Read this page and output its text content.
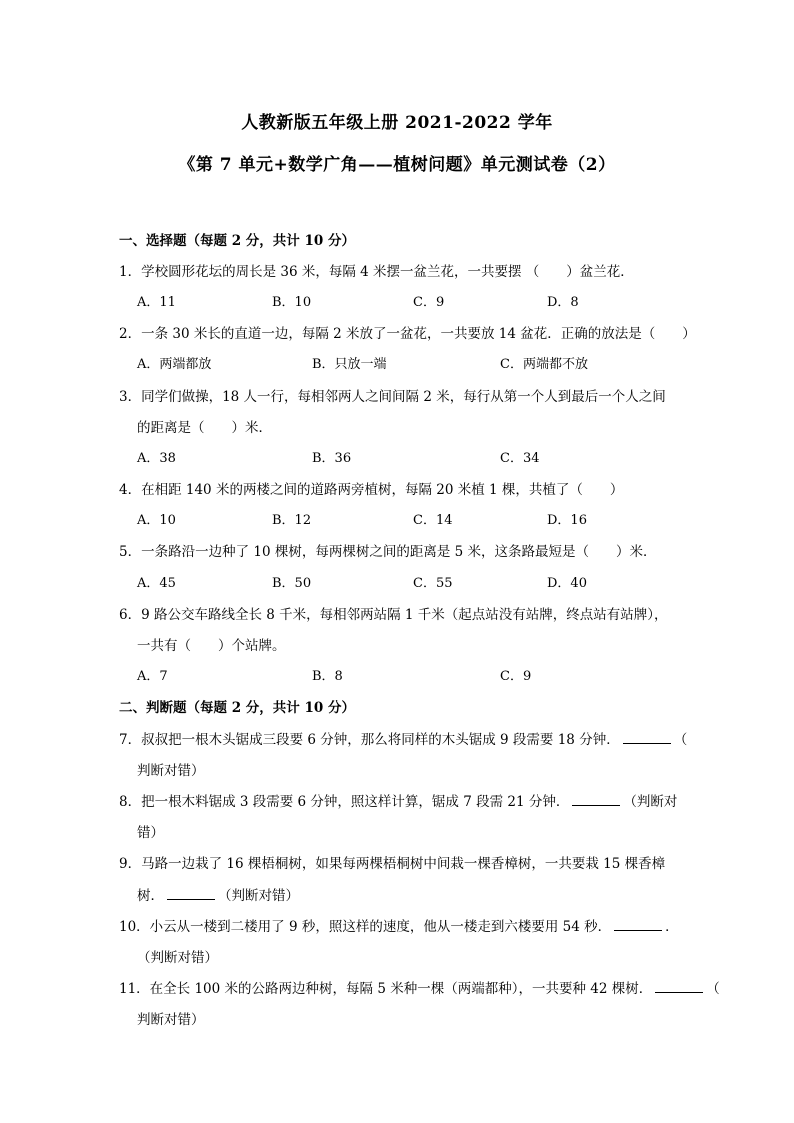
人教新版五年级上册 2021-2022 学年
《第 7 单元+数学广角——植树问题》单元测试卷（2）
一、选择题（每题 2 分，共计 10 分）
1．学校圆形花坛的周长是 36 米，每隔 4 米摆一盆兰花，一共要摆 （　　）盆兰花．
A．11	B．10	C．9	D．8
2．一条 30 米长的直道一边，每隔 2 米放了一盆花，一共要放 14 盆花．正确的放法是（　　）
A．两端都放	B．只放一端	C．两端都不放
3．同学们做操，18 人一行，每相邻两人之间间隔 2 米，每行从第一个人到最后一个人之间
的距离是（　　）米．
A．38	B．36	C．34
4．在相距 140 米的两楼之间的道路两旁植树，每隔 20 米植 1 棵，共植了（　　）
A．10	B．12	C．14	D．16
5．一条路沿一边种了 10 棵树，每两棵树之间的距离是 5 米，这条路最短是（　　）米．
A．45	B．50	C．55	D．40
6．9 路公交车路线全长 8 千米，每相邻两站隔 1 千米（起点站没有站牌，终点站有站牌），
一共有（　　）个站牌。
A．7	B．8	C．9
二、判断题（每题 2 分，共计 10 分）
7．叔叔把一根木头锯成三段要 6 分钟，那么将同样的木头锯成 9 段需要 18 分钟．	（
判断对错）
8．把一根木料锯成 3 段需要 6 分钟，照这样计算，锯成 7 段需 21 分钟．	（判断对
错）
9．马路一边栽了 16 棵梧桐树，如果每两棵梧桐树中间栽一棵香樟树，一共要栽 15 棵香樟
树．	（判断对错）
10．小云从一楼到二楼用了 9 秒，照这样的速度，他从一楼走到六楼要用 54 秒．	．
（判断对错）
11．在全长 100 米的公路两边种树，每隔 5 米种一棵（两端都种），一共要种 42 棵树．	（
判断对错）
